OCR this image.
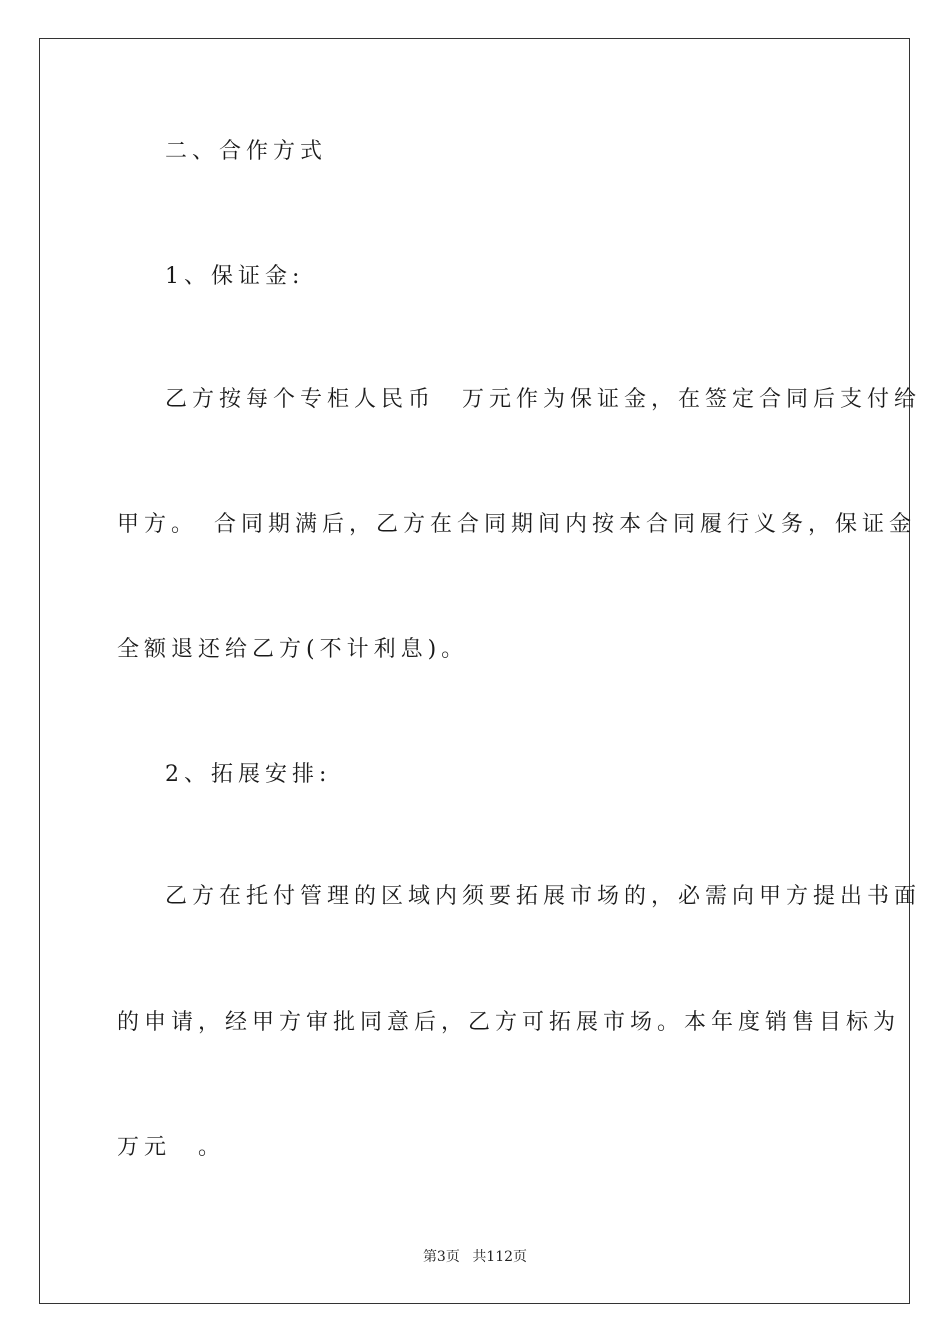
二、合作方式
1、保证金:
乙方按每个专柜人民币　万元作为保证金，在签定合同后支付给
甲方。　合同期满后，乙方在合同期间内按本合同履行义务，保证金
全额退还给乙方(不计利息)。
2、拓展安排:
乙方在托付管理的区域内须要拓展市场的，必需向甲方提出书面
的申请，经甲方审批同意后，乙方可拓展市场。本年度销售目标为
万元　。
第3页 共112页
